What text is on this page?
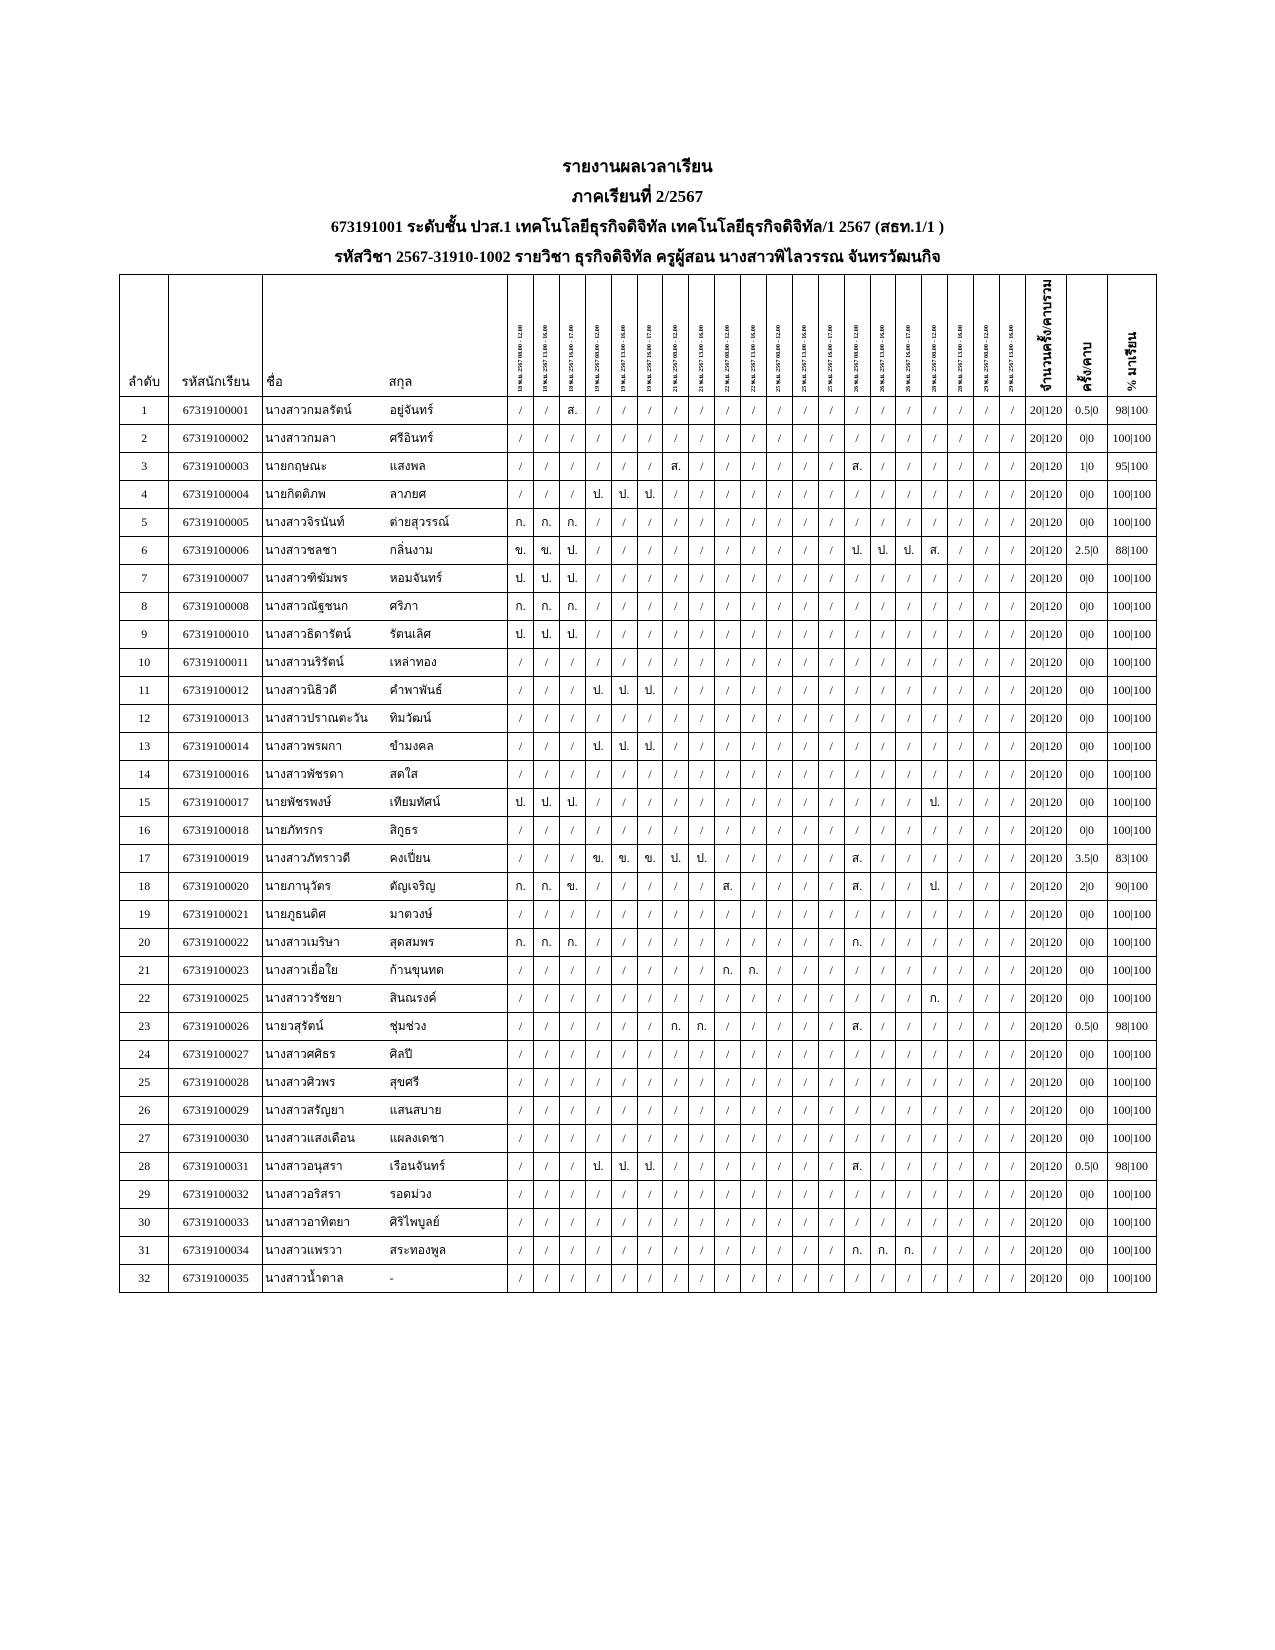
รายงานผลเวลาเรียน
ภาคเรียนที่ 2/2567
673191001 ระดับชั้น ปวส.1 เทคโนโลยีธุรกิจดิจิทัล เทคโนโลยีธุรกิจดิจิทัล/1 2567 (สธท.1/1 )
รหัสวิชา 2567-31910-1002 รายวิชา ธุรกิจดิจิทัล ครูผู้สอน นางสาวพิไลวรรณ จันทรวัฒนกิจ
ลำดับ	รหัสนักเรียน	ชื่อ	สกุล	18 พ.ย. 2567 08.00 - 12.00	18 พ.ย. 2567 13.00 - 16.00	18 พ.ย. 2567 16.00 - 17.00	19 พ.ย. 2567 08.00 - 12.00	19 พ.ย. 2567 13.00 - 16.00	19 พ.ย. 2567 16.00 - 17.00	21 พ.ย. 2567 08.00 - 12.00	21 พ.ย. 2567 13.00 - 16.00	22 พ.ย. 2567 08.00 - 12.00	22 พ.ย. 2567 13.00 - 16.00	25 พ.ย. 2567 08.00 - 12.00	25 พ.ย. 2567 13.00 - 16.00	25 พ.ย. 2567 16.00 - 17.00	26 พ.ย. 2567 08.00 - 12.00	26 พ.ย. 2567 13.00 - 16.00	26 พ.ย. 2567 16.00 - 17.00	28 พ.ย. 2567 08.00 - 12.00	28 พ.ย. 2567 13.00 - 16.00	29 พ.ย. 2567 08.00 - 12.00	29 พ.ย. 2567 13.00 - 16.00	จำนวนครั้ง/คาบรวม	ครั้ง/คาบ	% มาเรียน

1	67319100001	นางสาวกมลรัตน์	อยู่จันทร์	/	/	ส.	/	/	/	/	/	/	/	/	/	/	/	/	/	/	/	/	/	20|120	0.5|0	98|100
2	67319100002	นางสาวกมลา	ศรีอินทร์	/	/	/	/	/	/	/	/	/	/	/	/	/	/	/	/	/	/	/	/	20|120	0|0	100|100
3	67319100003	นายกฤษณะ	แสงพล	/	/	/	/	/	/	ส.	/	/	/	/	/	/	ส.	/	/	/	/	/	/	20|120	1|0	95|100
4	67319100004	นายกิตติภพ	ลาภยศ	/	/	/	ป.	ป.	ป.	/	/	/	/	/	/	/	/	/	/	/	/	/	/	20|120	0|0	100|100
5	67319100005	นางสาวจิรนันท์	ต่ายสุวรรณ์	ก.	ก.	ก.	/	/	/	/	/	/	/	/	/	/	/	/	/	/	/	/	/	20|120	0|0	100|100
6	67319100006	นางสาวชลชา	กลิ่นงาม	ข.	ข.	ป.	/	/	/	/	/	/	/	/	/	/	ป.	ป.	ป.	ส.	/	/	/	20|120	2.5|0	88|100
7	67319100007	นางสาวฑิฆัมพร	หอมจันทร์	ป.	ป.	ป.	/	/	/	/	/	/	/	/	/	/	/	/	/	/	/	/	/	20|120	0|0	100|100
8	67319100008	นางสาวณัฐชนก	ศริภา	ก.	ก.	ก.	/	/	/	/	/	/	/	/	/	/	/	/	/	/	/	/	/	20|120	0|0	100|100
9	67319100010	นางสาวธิดารัตน์	รัตนเลิศ	ป.	ป.	ป.	/	/	/	/	/	/	/	/	/	/	/	/	/	/	/	/	/	20|120	0|0	100|100
10	67319100011	นางสาวนริรัตน์	เหล่าทอง	/	/	/	/	/	/	/	/	/	/	/	/	/	/	/	/	/	/	/	/	20|120	0|0	100|100
11	67319100012	นางสาวนิธิวดี	คำพาพันธ์	/	/	/	ป.	ป.	ป.	/	/	/	/	/	/	/	/	/	/	/	/	/	/	20|120	0|0	100|100
12	67319100013	นางสาวปราณตะวัน	ทิมวัฒน์	/	/	/	/	/	/	/	/	/	/	/	/	/	/	/	/	/	/	/	/	20|120	0|0	100|100
13	67319100014	นางสาวพรผกา	ขำมงคล	/	/	/	ป.	ป.	ป.	/	/	/	/	/	/	/	/	/	/	/	/	/	/	20|120	0|0	100|100
14	67319100016	นางสาวพัชรดา	สดใส	/	/	/	/	/	/	/	/	/	/	/	/	/	/	/	/	/	/	/	/	20|120	0|0	100|100
15	67319100017	นายพัชรพงษ์	เทียมทัศน์	ป.	ป.	ป.	/	/	/	/	/	/	/	/	/	/	/	/	/	ป.	/	/	/	20|120	0|0	100|100
16	67319100018	นายภัทรกร	สิกูธร	/	/	/	/	/	/	/	/	/	/	/	/	/	/	/	/	/	/	/	/	20|120	0|0	100|100
17	67319100019	นางสาวภัทราวดี	คงเปี่ยน	/	/	/	ข.	ข.	ข.	ป.	ป.	/	/	/	/	/	ส.	/	/	/	/	/	/	20|120	3.5|0	83|100
18	67319100020	นายภานุวัตร	ตัญเจริญ	ก.	ก.	ข.	/	/	/	/	/	ส.	/	/	/	/	ส.	/	/	ป.	/	/	/	20|120	2|0	90|100
19	67319100021	นายภูธนดิศ	มาตวงษ์	/	/	/	/	/	/	/	/	/	/	/	/	/	/	/	/	/	/	/	/	20|120	0|0	100|100
20	67319100022	นางสาวเมริษา	สุดสมพร	ก.	ก.	ก.	/	/	/	/	/	/	/	/	/	/	ก.	/	/	/	/	/	/	20|120	0|0	100|100
21	67319100023	นางสาวเยื่อใย	ก้านขุนทด	/	/	/	/	/	/	/	/	ก.	ก.	/	/	/	/	/	/	/	/	/	/	20|120	0|0	100|100
22	67319100025	นางสาววรัชยา	สินณรงค์	/	/	/	/	/	/	/	/	/	/	/	/	/	/	/	/	ก.	/	/	/	20|120	0|0	100|100
23	67319100026	นายวสุรัตน์	ชุ่มช่วง	/	/	/	/	/	/	ก.	ก.	/	/	/	/	/	ส.	/	/	/	/	/	/	20|120	0.5|0	98|100
24	67319100027	นางสาวศศิธร	ศิลปี	/	/	/	/	/	/	/	/	/	/	/	/	/	/	/	/	/	/	/	/	20|120	0|0	100|100
25	67319100028	นางสาวศิวพร	สุขศรี	/	/	/	/	/	/	/	/	/	/	/	/	/	/	/	/	/	/	/	/	20|120	0|0	100|100
26	67319100029	นางสาวสรัญยา	แสนสบาย	/	/	/	/	/	/	/	/	/	/	/	/	/	/	/	/	/	/	/	/	20|120	0|0	100|100
27	67319100030	นางสาวแสงเดือน	แผลงเดชา	/	/	/	/	/	/	/	/	/	/	/	/	/	/	/	/	/	/	/	/	20|120	0|0	100|100
28	67319100031	นางสาวอนุสรา	เรือนจันทร์	/	/	/	ป.	ป.	ป.	/	/	/	/	/	/	/	ส.	/	/	/	/	/	/	20|120	0.5|0	98|100
29	67319100032	นางสาวอริสรา	รอดม่วง	/	/	/	/	/	/	/	/	/	/	/	/	/	/	/	/	/	/	/	/	20|120	0|0	100|100
30	67319100033	นางสาวอาทิตยา	ศิริไพบูลย์	/	/	/	/	/	/	/	/	/	/	/	/	/	/	/	/	/	/	/	/	20|120	0|0	100|100
31	67319100034	นางสาวแพรวา	สระทองพูล	/	/	/	/	/	/	/	/	/	/	/	/	/	ก.	ก.	ก.	/	/	/	/	20|120	0|0	100|100
32	67319100035	นางสาวน้ำตาล	-	/	/	/	/	/	/	/	/	/	/	/	/	/	/	/	/	/	/	/	/	20|120	0|0	100|100
